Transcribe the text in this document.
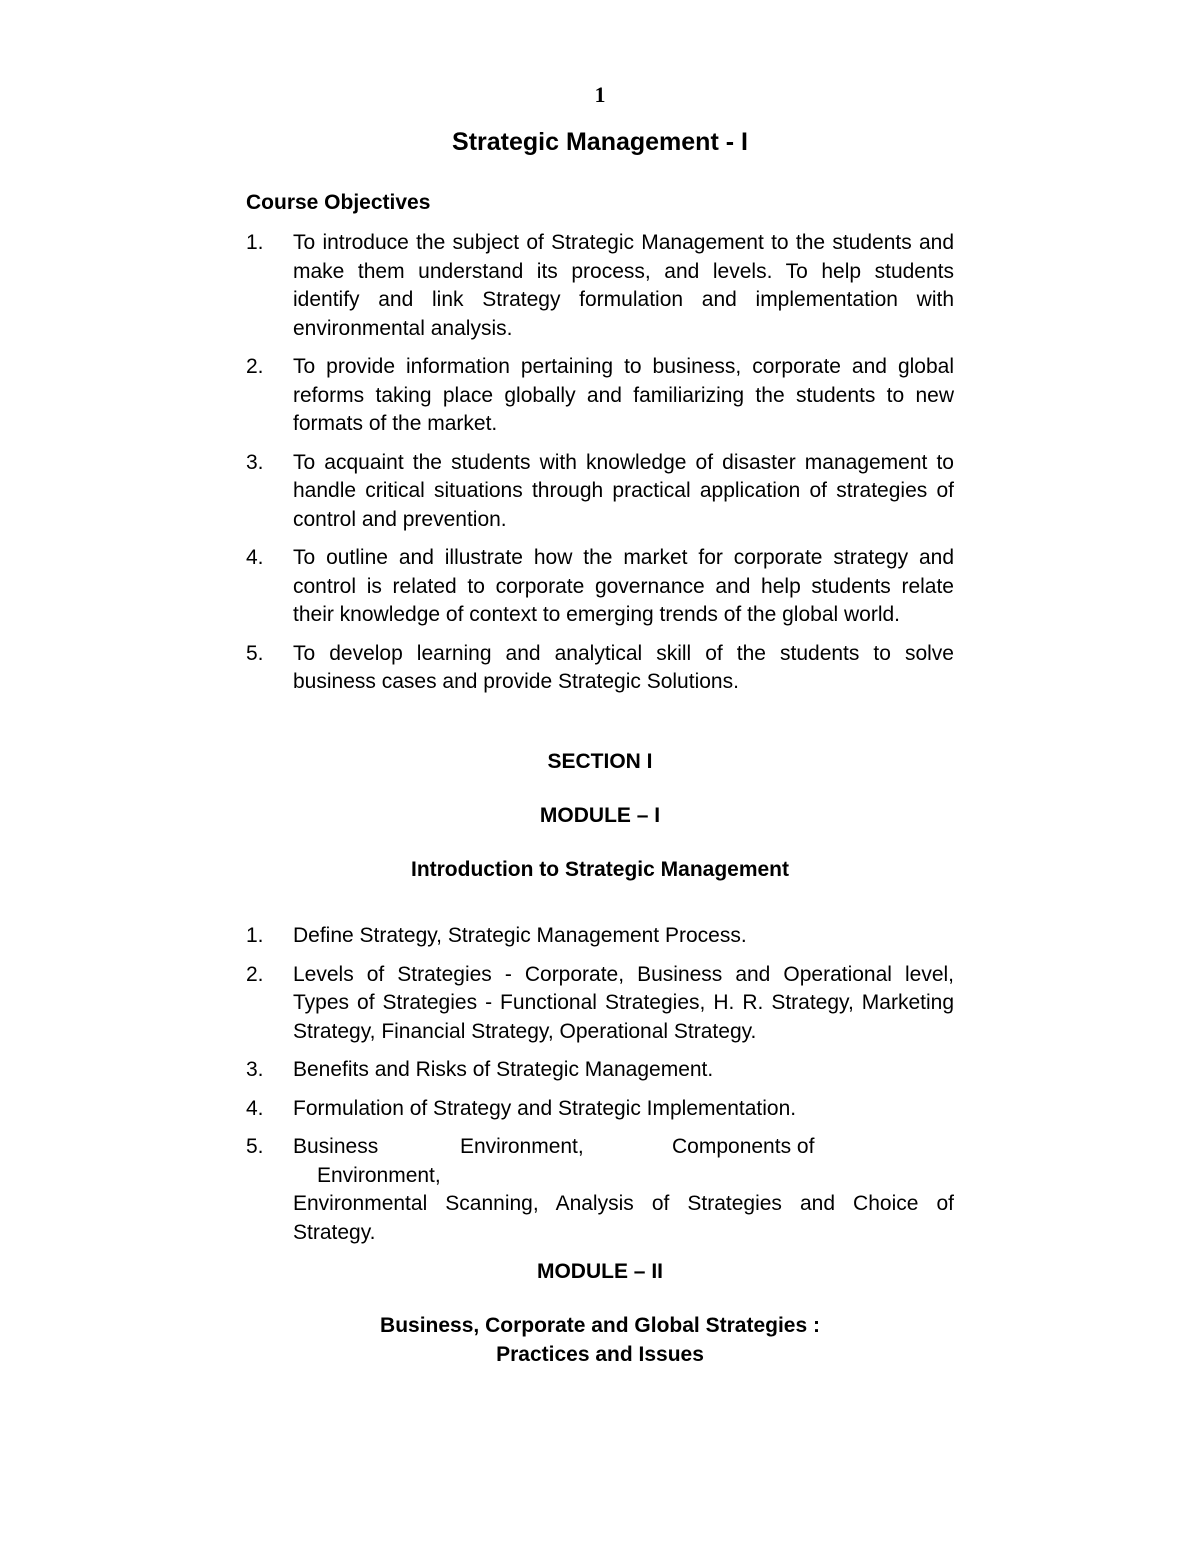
1
Strategic Management - I
Course Objectives
1. To introduce the subject of Strategic Management to the students and make them understand its process, and levels. To help students identify and link Strategy formulation and implementation with environmental analysis.
2. To provide information pertaining to business, corporate and global reforms taking place globally and familiarizing the students to new formats of the market.
3. To acquaint the students with knowledge of disaster management to handle critical situations through practical application of strategies of control and prevention.
4. To outline and illustrate how the market for corporate strategy and control is related to corporate governance and help students relate their knowledge of context to emerging trends of the global world.
5. To develop learning and analytical skill of the students to solve business cases and provide Strategic Solutions.
SECTION I
MODULE – I
Introduction to Strategic Management
1. Define Strategy, Strategic Management Process.
2. Levels of Strategies - Corporate, Business and Operational level, Types of Strategies - Functional Strategies, H. R. Strategy, Marketing Strategy, Financial Strategy, Operational Strategy.
3. Benefits and Risks of Strategic Management.
4. Formulation of Strategy and Strategic Implementation.
5. Business	Environment,	Components of
Environment,
Environmental Scanning, Analysis of Strategies and Choice of Strategy.
MODULE – II
Business, Corporate and Global Strategies :
Practices and Issues
